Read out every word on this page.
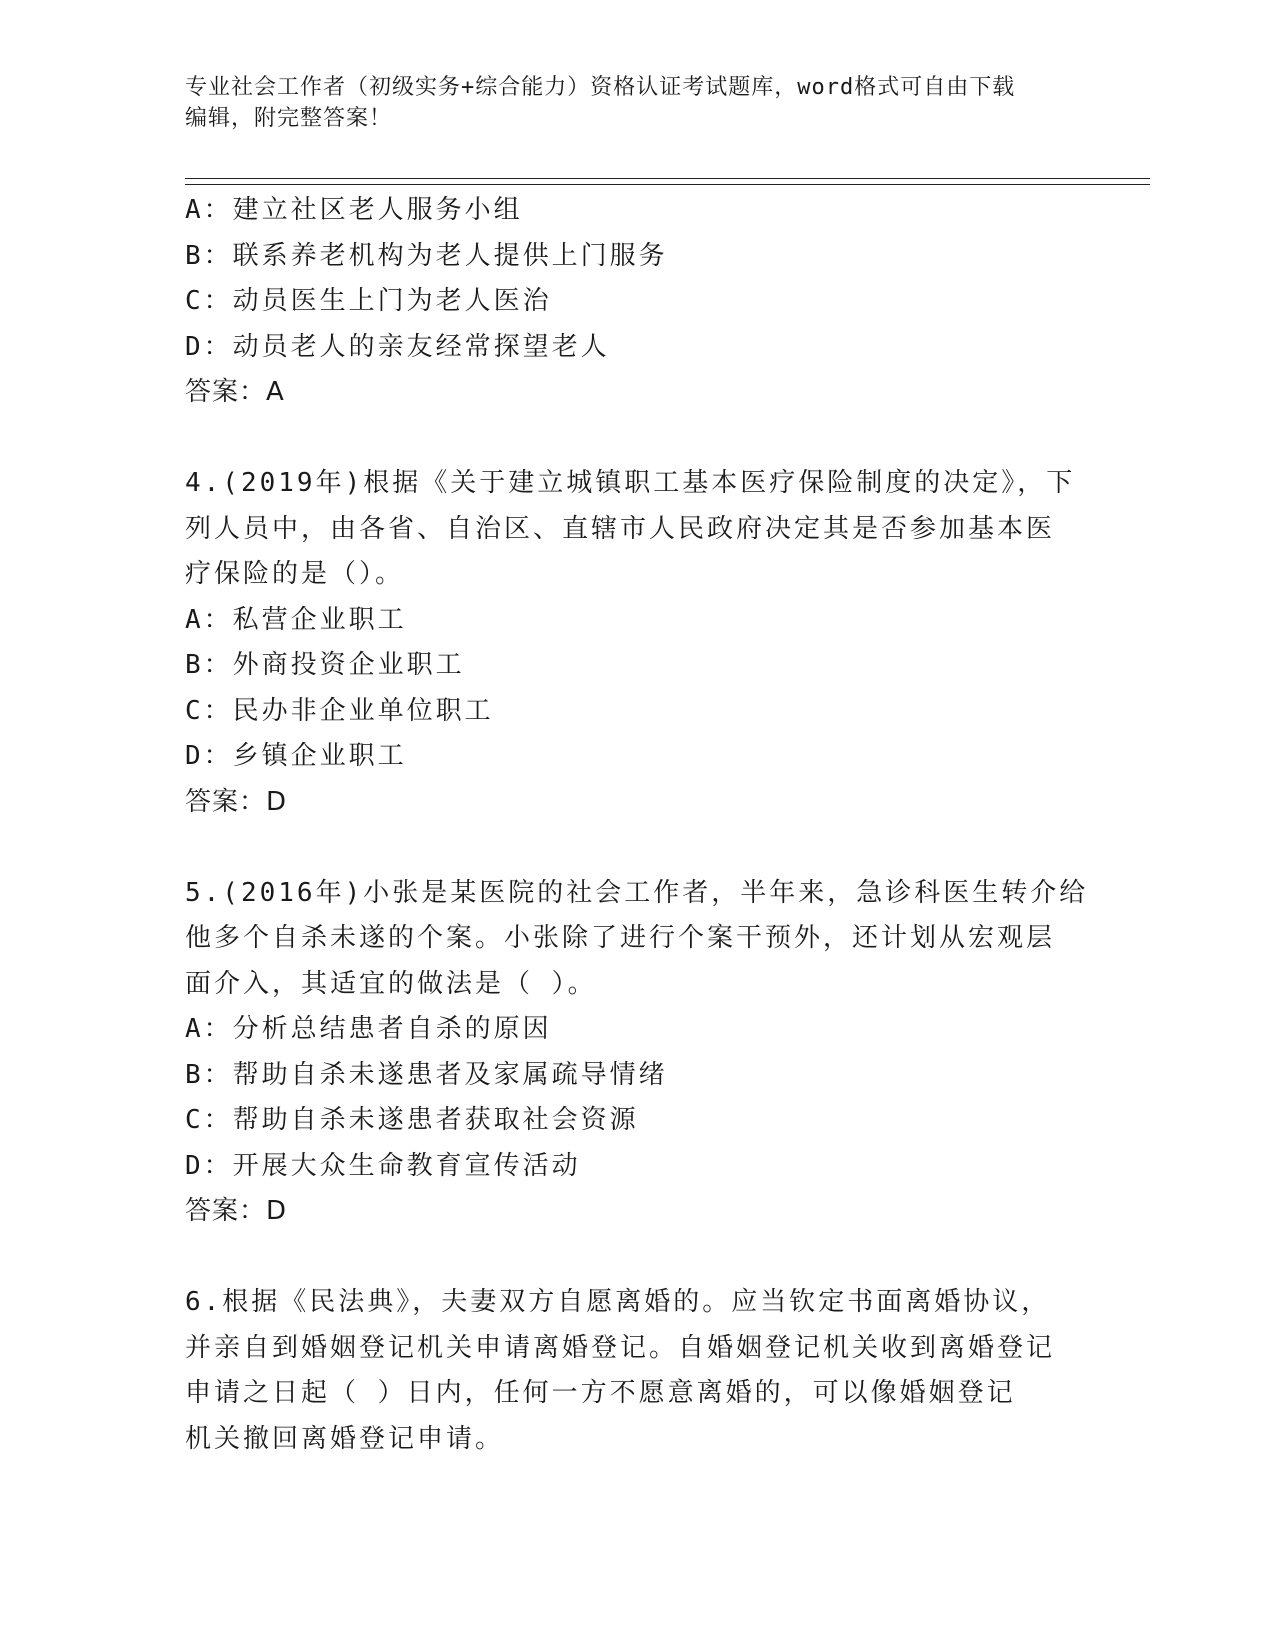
专业社会工作者（初级实务+综合能力）资格认证考试题库，word格式可自由下载
编辑，附完整答案！
A：建立社区老人服务小组
B：联系养老机构为老人提供上门服务
C：动员医生上门为老人医治
D：动员老人的亲友经常探望老人
答案：A
4.(2019年)根据《关于建立城镇职工基本医疗保险制度的决定》，下
列人员中，由各省、自治区、直辖市人民政府决定其是否参加基本医
疗保险的是（）。
A：私营企业职工
B：外商投资企业职工
C：民办非企业单位职工
D：乡镇企业职工
答案：D
5.(2016年)小张是某医院的社会工作者，半年来，急诊科医生转介给
他多个自杀未遂的个案。小张除了进行个案干预外，还计划从宏观层
面介入，其适宜的做法是（ ）。
A：分析总结患者自杀的原因
B：帮助自杀未遂患者及家属疏导情绪
C：帮助自杀未遂患者获取社会资源
D：开展大众生命教育宣传活动
答案：D
6.根据《民法典》，夫妻双方自愿离婚的。应当钦定书面离婚协议，
并亲自到婚姻登记机关申请离婚登记。自婚姻登记机关收到离婚登记
申请之日起（ ）日内，任何一方不愿意离婚的，可以像婚姻登记
机关撤回离婚登记申请。
